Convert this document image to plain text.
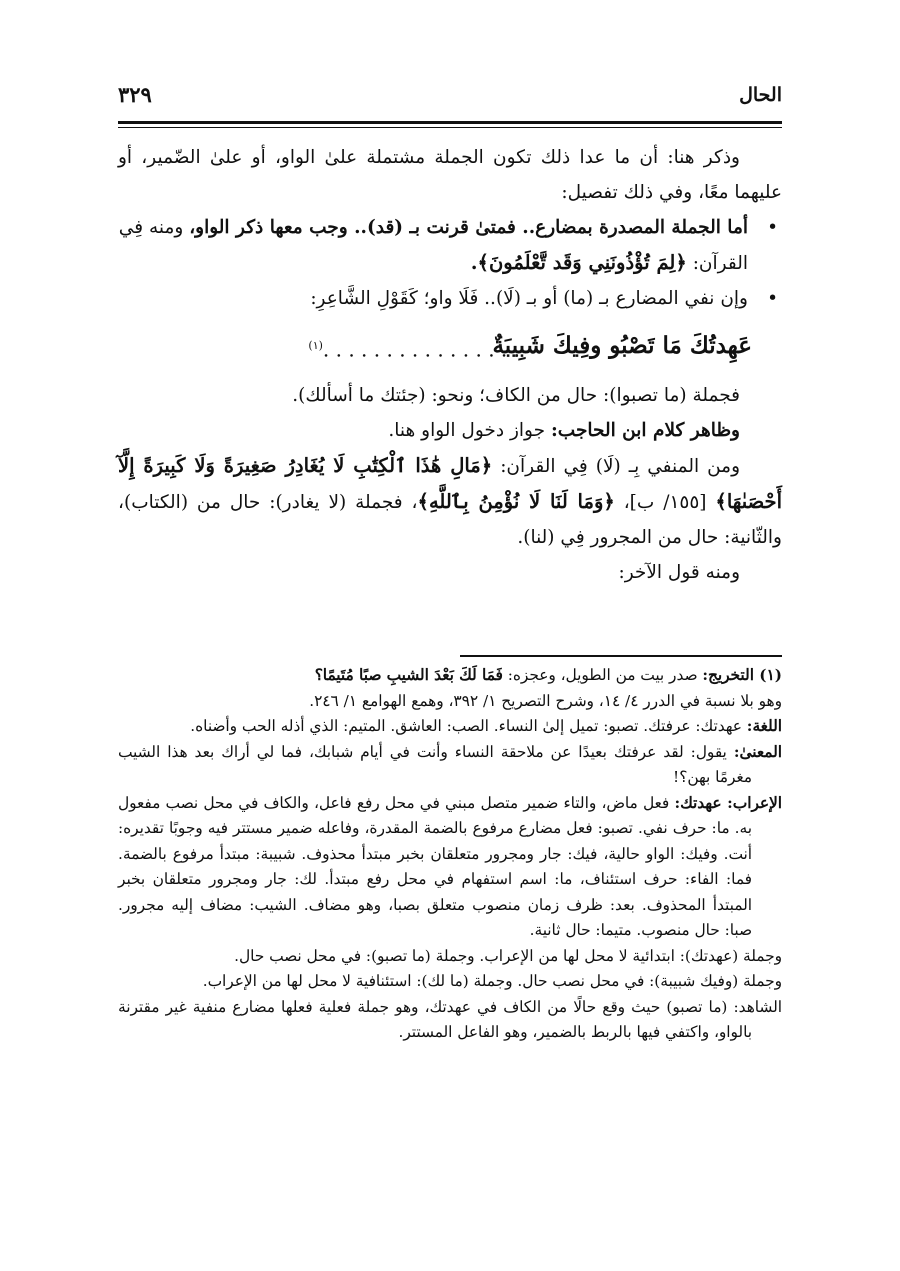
الحال
٣٢٩

وذكر هنا: أن ما عدا ذلك تكون الجملة مشتملة علىٰ الواو، أو علىٰ الضّمير، أو عليهما معًا، وفي ذلك تفصيل:

• أما الجملة المصدرة بمضارع.. فمتىٰ قرنت بـ (قد).. وجب معها ذكر الواو، ومنه فِي القرآن: ﴿لِمَ تُؤْذُونَنِي وَقَد تَّعْلَمُونَ﴾.
• وإن نفي المضارع بـ (ما) أو بـ (لَا).. فَلَا واو؛ كَقَوْلِ الشَّاعِرِ:
عَهِدتُكَ مَا تَصْبُو وفِيكَ شَبِيبَةٌ
. . . . . . . . . . . . . . . .$^{(١)}$

فجملة (ما تصبوا): حال من الكاف؛ ونحو: (جئتك ما أسألك).

وظاهر كلام ابن الحاجب: جواز دخول الواو هنا.

ومن المنفي بِـ (لَا) فِي القرآن: ﴿مَالِ هَٰذَا ٱلْكِتَٰبِ لَا يُغَادِرُ صَغِيرَةً وَلَا كَبِيرَةً إِلَّآ أَحْصَىٰهَا﴾ [١٥٥/ ب]، ﴿وَمَا لَنَا لَا نُؤْمِنُ بِٱللَّهِ﴾، فجملة (لا يغادر): حال من (الكتاب)، والثّانية: حال من المجرور فِي (لنا).

ومنه قول الآخر:

(١) التخريج: صدر بيت من الطويل، وعجزه: فَمَا لَكَ بَعْدَ الشيبِ صبًا مُتَيمًا؟

وهو بلا نسبة في الدرر ٤/ ١٤، وشرح التصريح ١/ ٣٩٢، وهمع الهوامع ١/ ٢٤٦.

اللغة: عهدتك: عرفتك. تصبو: تميل إلىٰ النساء. الصب: العاشق. المتيم: الذي أذله الحب وأضناه.

المعنىٰ: يقول: لقد عرفتك بعيدًا عن ملاحقة النساء وأنت في أيام شبابك، فما لي أراك بعد هذا الشيب مغرمًا بهن؟!

الإعراب: عهدتك: فعل ماض، والتاء ضمير متصل مبني في محل رفع فاعل، والكاف في محل نصب مفعول به. ما: حرف نفي. تصبو: فعل مضارع مرفوع بالضمة المقدرة، وفاعله ضمير مستتر فيه وجوبًا تقديره: أنت. وفيك: الواو حالية، فيك: جار ومجرور متعلقان بخبر مبتدأ محذوف. شبيبة: مبتدأ مرفوع بالضمة. فما: الفاء: حرف استئناف، ما: اسم استفهام في محل رفع مبتدأ. لك: جار ومجرور متعلقان بخبر المبتدأ المحذوف. بعد: ظرف زمان منصوب متعلق بصبا، وهو مضاف. الشيب: مضاف إليه مجرور. صبا: حال منصوب. متيما: حال ثانية.

وجملة (عهدتك): ابتدائية لا محل لها من الإعراب. وجملة (ما تصبو): في محل نصب حال.

وجملة (وفيك شبيبة): في محل نصب حال. وجملة (ما لك): استئنافية لا محل لها من الإعراب.

الشاهد: (ما تصبو) حيث وقع حالًا من الكاف في عهدتك، وهو جملة فعلية فعلها مضارع منفية غير مقترنة بالواو، واكتفي فيها بالربط بالضمير، وهو الفاعل المستتر.
